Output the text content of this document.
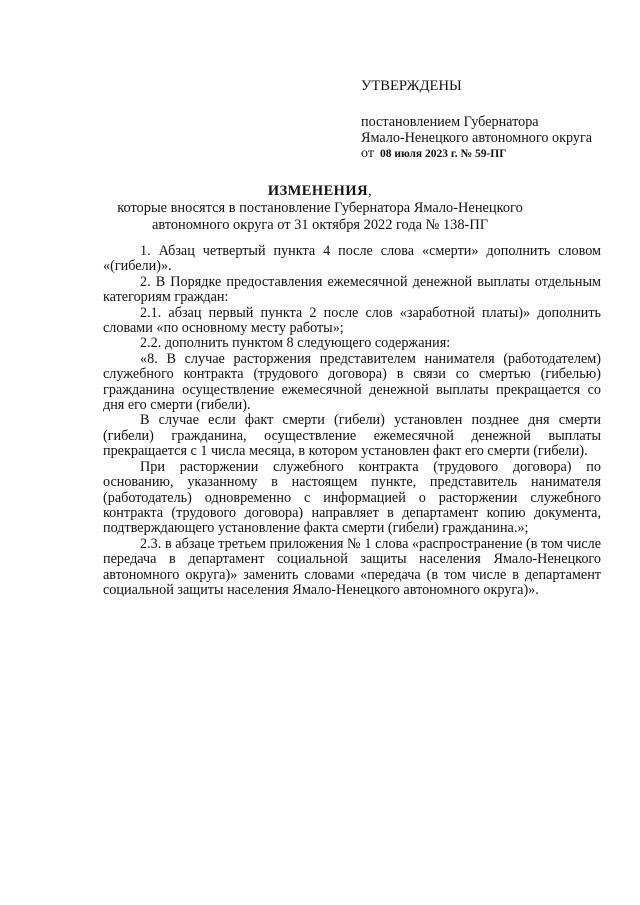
УТВЕРЖДЕНЫ

постановлением Губернатора

Ямало-Ненецкого автономного округа

от 08 июля 2023 г. № 59-ПГ

ИЗМЕНЕНИЯ,

которые вносятся в постановление Губернатора Ямало-Ненецкого

автономного округа от 31 октября 2022 года № 138-ПГ

1. Абзац четвертый пункта 4 после слова «смерти» дополнить словом «(гибели)».

2. В Порядке предоставления ежемесячной денежной выплаты отдельным категориям граждан:

2.1. абзац первый пункта 2 после слов «заработной платы)» дополнить словами «по основному месту работы»;

2.2. дополнить пунктом 8 следующего содержания:

«8. В случае расторжения представителем нанимателя (работодателем) служебного контракта (трудового договора) в связи со смертью (гибелью) гражданина осуществление ежемесячной денежной выплаты прекращается со дня его смерти (гибели).

В случае если факт смерти (гибели) установлен позднее дня смерти (гибели) гражданина, осуществление ежемесячной денежной выплаты прекращается с 1 числа месяца, в котором установлен факт его смерти (гибели).

При расторжении служебного контракта (трудового договора) по основанию, указанному в настоящем пункте, представитель нанимателя (работодатель) одновременно с информацией о расторжении служебного контракта (трудового договора) направляет в департамент копию документа, подтверждающего установление факта смерти (гибели) гражданина.»;

2.3. в абзаце третьем приложения № 1 слова «распространение (в том числе передача в департамент социальной защиты населения Ямало-Ненецкого автономного округа)» заменить словами «передача (в том числе в департамент социальной защиты населения Ямало-Ненецкого автономного округа)».
